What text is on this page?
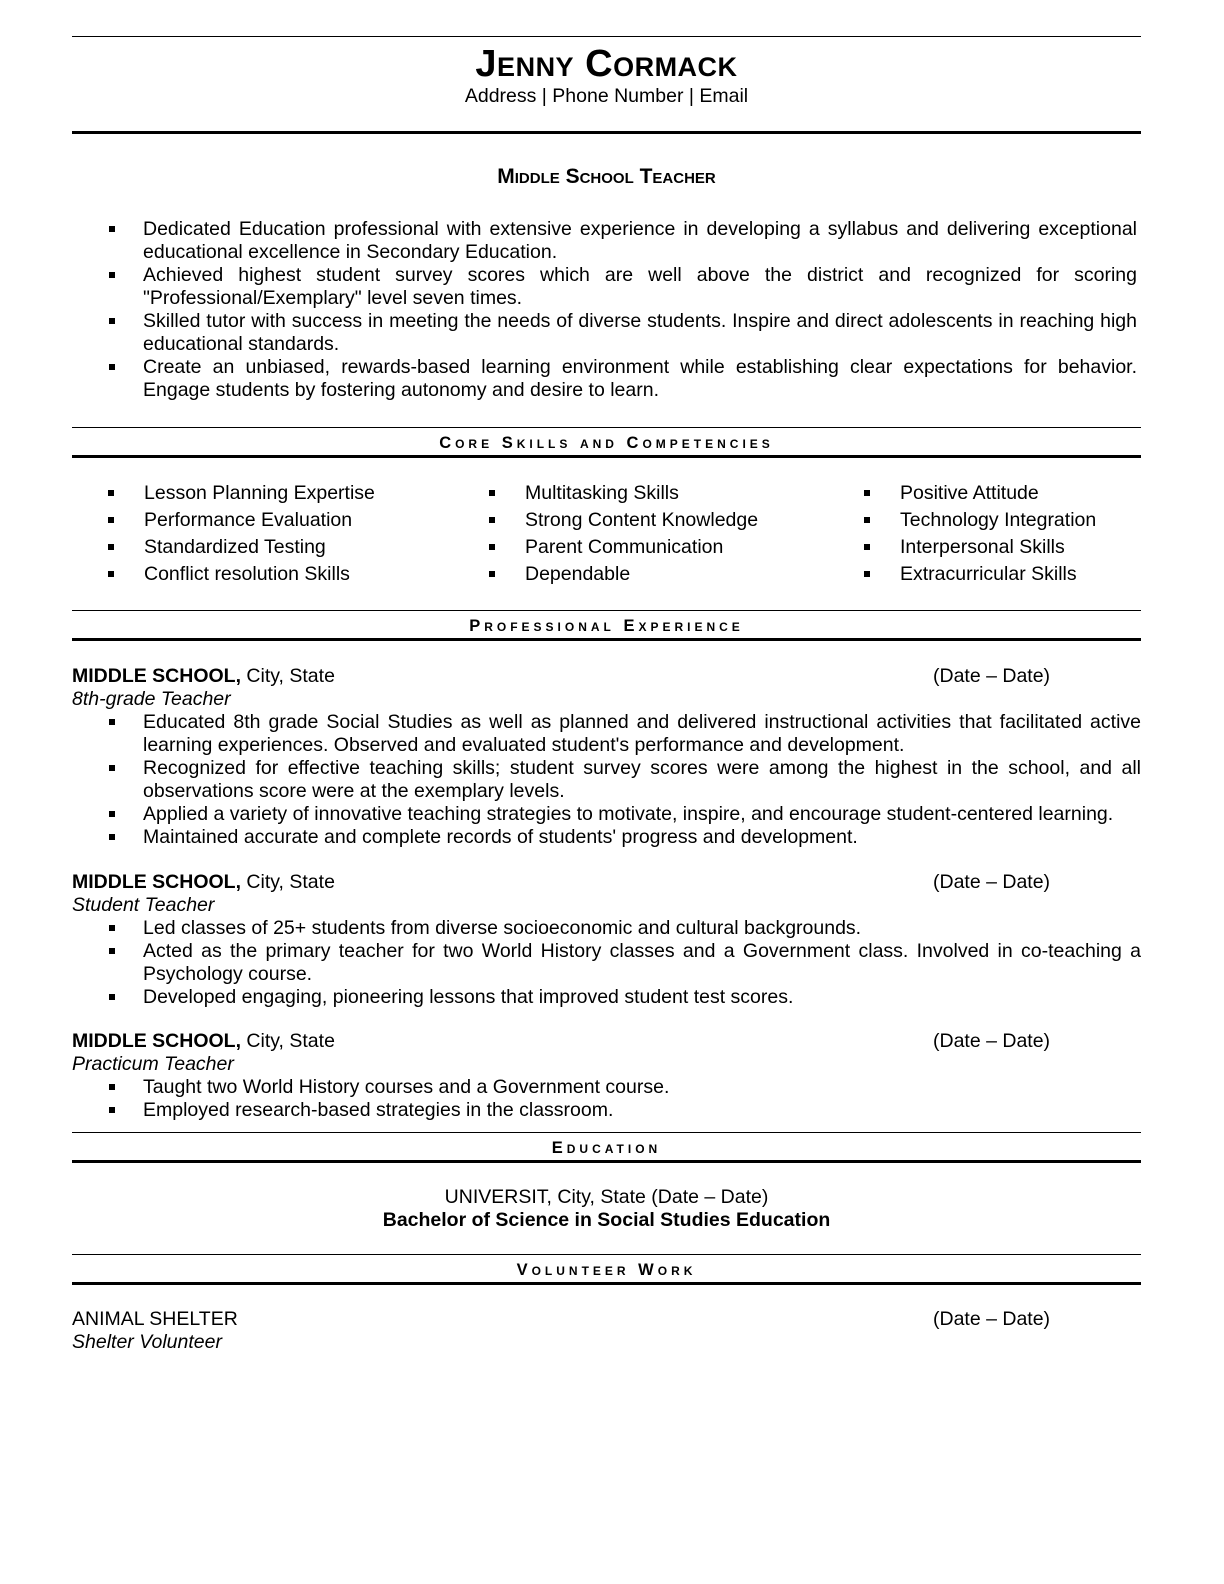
Jenny Cormack
Address | Phone Number | Email
Middle School Teacher
Dedicated Education professional with extensive experience in developing a syllabus and delivering exceptional educational excellence in Secondary Education.
Achieved highest student survey scores which are well above the district and recognized for scoring "Professional/Exemplary" level seven times.
Skilled tutor with success in meeting the needs of diverse students. Inspire and direct adolescents in reaching high educational standards.
Create an unbiased, rewards-based learning environment while establishing clear expectations for behavior. Engage students by fostering autonomy and desire to learn.
Core Skills and Competencies
Lesson Planning Expertise
Performance Evaluation
Standardized Testing
Conflict resolution Skills
Multitasking Skills
Strong Content Knowledge
Parent Communication
Dependable
Positive Attitude
Technology Integration
Interpersonal Skills
Extracurricular Skills
Professional Experience
MIDDLE SCHOOL, City, State	(Date – Date)
8th-grade Teacher
Educated 8th grade Social Studies as well as planned and delivered instructional activities that facilitated active learning experiences. Observed and evaluated student's performance and development.
Recognized for effective teaching skills; student survey scores were among the highest in the school, and all observations score were at the exemplary levels.
Applied a variety of innovative teaching strategies to motivate, inspire, and encourage student-centered learning.
Maintained accurate and complete records of students' progress and development.
MIDDLE SCHOOL, City, State	(Date – Date)
Student Teacher
Led classes of 25+ students from diverse socioeconomic and cultural backgrounds.
Acted as the primary teacher for two World History classes and a Government class. Involved in co-teaching a Psychology course.
Developed engaging, pioneering lessons that improved student test scores.
MIDDLE SCHOOL, City, State	(Date – Date)
Practicum Teacher
Taught two World History courses and a Government course.
Employed research-based strategies in the classroom.
Education
UNIVERSIT, City, State (Date – Date)
Bachelor of Science in Social Studies Education
Volunteer Work
ANIMAL SHELTER	(Date – Date)
Shelter Volunteer
